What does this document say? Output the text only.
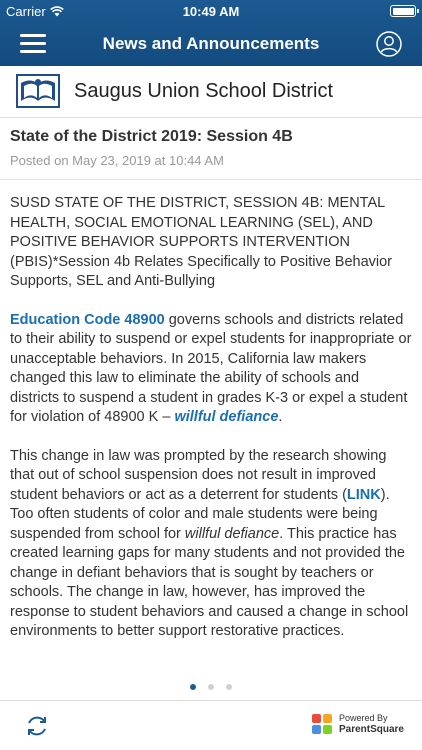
Carrier	10:49 AM
News and Announcements
Saugus Union School District
State of the District 2019: Session 4B
Posted on May 23, 2019 at 10:44 AM

SUSD STATE OF THE DISTRICT, SESSION 4B: MENTAL HEALTH, SOCIAL EMOTIONAL LEARNING (SEL), AND POSITIVE BEHAVIOR SUPPORTS INTERVENTION (PBIS)*Session 4b Relates Specifically to Positive Behavior Supports, SEL and Anti-Bullying

Education Code 48900 governs schools and districts related to their ability to suspend or expel students for inappropriate or unacceptable behaviors. In 2015, California law makers changed this law to eliminate the ability of schools and districts to suspend a student in grades K-3 or expel a student for violation of 48900 K – willful defiance.

This change in law was prompted by the research showing that out of school suspension does not result in improved student behaviors or act as a deterrent for students (LINK). Too often students of color and male students were being suspended from school for willful defiance. This practice has created learning gaps for many students and not provided the change in defiant behaviors that is sought by teachers or schools. The change in law, however, has improved the response to student behaviors and caused a change in school environments to better support restorative practices.

Powered By
ParentSquare
